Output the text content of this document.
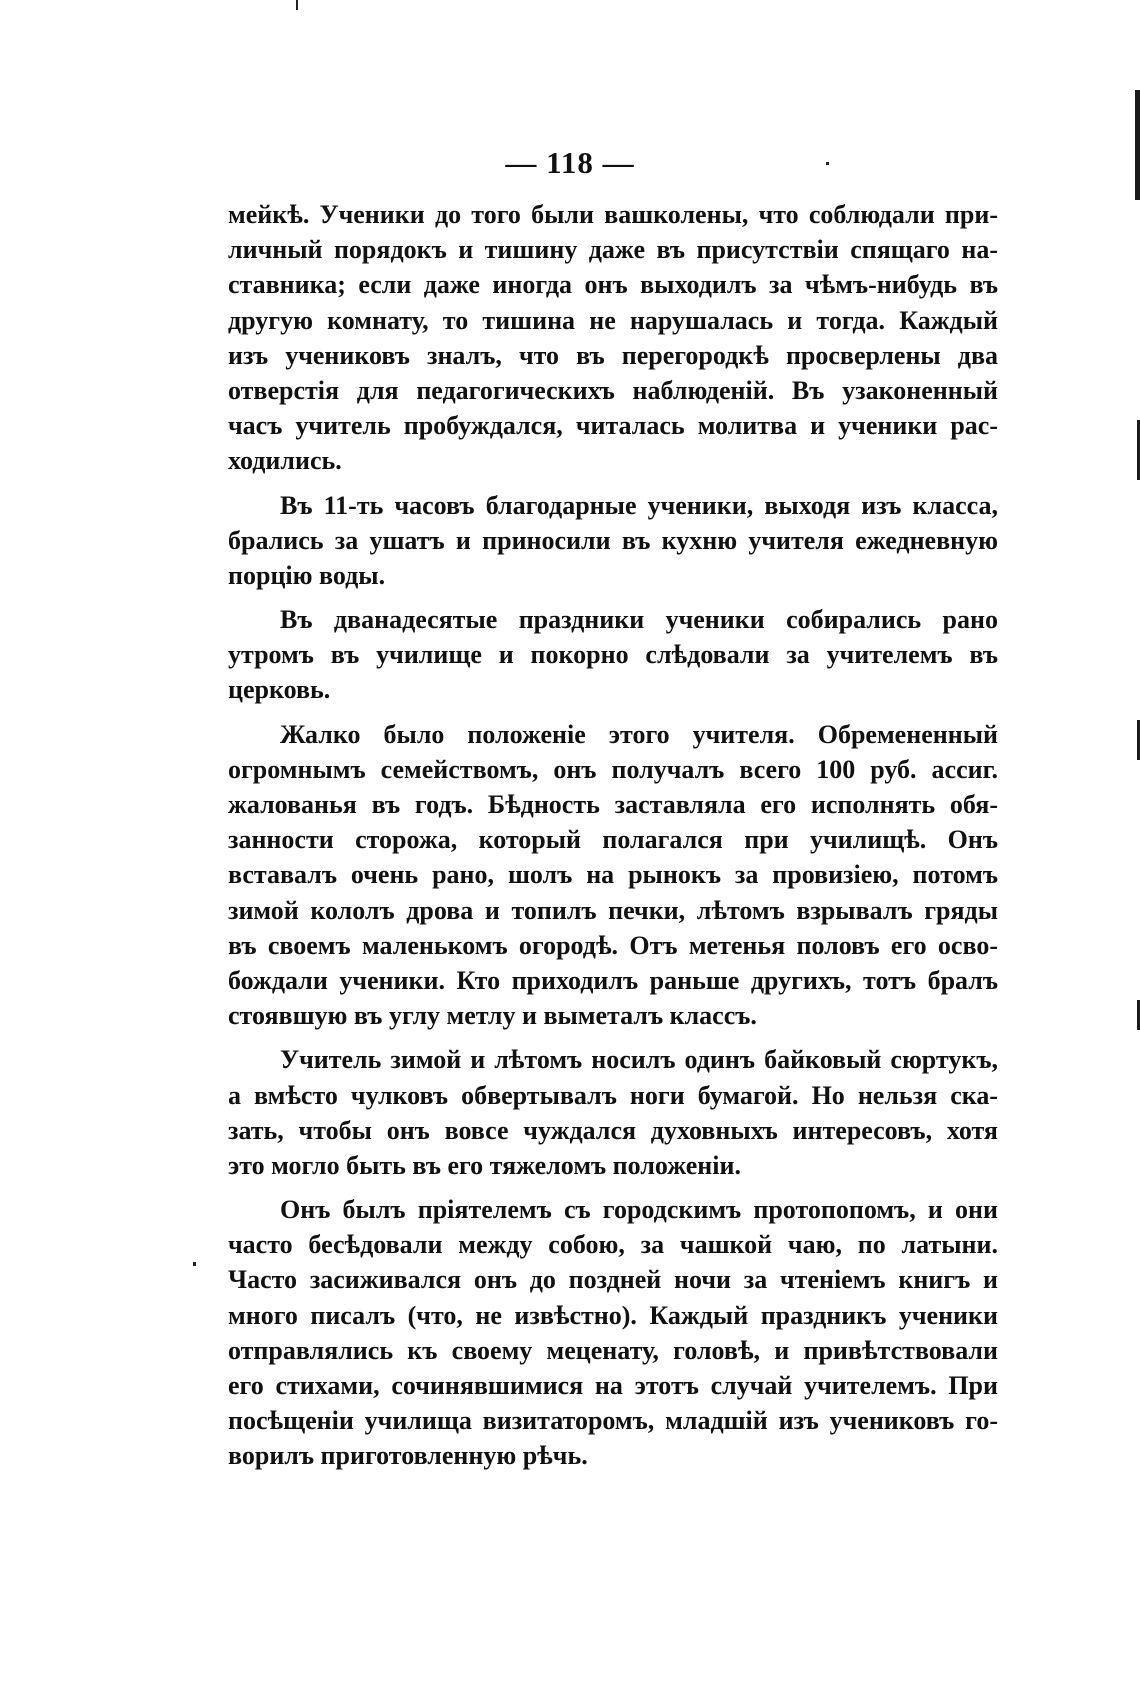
— 118 —
мейкѣ. Ученики до того были вашколены, что соблюдали при-
личный порядокъ и тишину даже въ присутствіи спящаго на-
ставника; если даже иногда онъ выходилъ за чѣмъ-нибудь въ
другую комнату, то тишина не нарушалась и тогда. Каждый
изъ учениковъ зналъ, что въ перегородкѣ просверлены два
отверстія для педагогическихъ наблюденій. Въ узаконенный
часъ учитель пробуждался, читалась молитва и ученики рас-
ходились.
Въ 11-ть часовъ благодарные ученики, выходя изъ класса,
брались за ушатъ и приносили въ кухню учителя ежедневную
порцію воды.
Въ дванадесятые праздники ученики собирались рано
утромъ въ училище и покорно слѣдовали за учителемъ въ
церковь.
Жалко было положеніе этого учителя. Обремененный
огромнымъ семействомъ, онъ получалъ всего 100 руб. ассиг.
жалованья въ годъ. Бѣдность заставляла его исполнять обя-
занности сторожа, который полагался при училищѣ. Онъ
вставалъ очень рано, шолъ на рынокъ за провизіею, потомъ
зимой кололъ дрова и топилъ печки, лѣтомъ взрывалъ гряды
въ своемъ маленькомъ огородѣ. Отъ метенья половъ его осво-
бождали ученики. Кто приходилъ раньше другихъ, тотъ бралъ
стоявшую въ углу метлу и выметалъ классъ.
Учитель зимой и лѣтомъ носилъ одинъ байковый сюртукъ,
а вмѣсто чулковъ обвертывалъ ноги бумагой. Но нельзя ска-
зать, чтобы онъ вовсе чуждался духовныхъ интересовъ, хотя
это могло быть въ его тяжеломъ положеніи.
Онъ былъ пріятелемъ съ городскимъ протопопомъ, и они
часто бесѣдовали между собою, за чашкой чаю, по латыни.
Часто засиживался онъ до поздней ночи за чтеніемъ книгъ и
много писалъ (что, не извѣстно). Каждый праздникъ ученики
отправлялись къ своему меценату, головѣ, и привѣтствовали
его стихами, сочинявшимися на этотъ случай учителемъ. При
посѣщеніи училища визитаторомъ, младшій изъ учениковъ го-
ворилъ приготовленную рѣчь.
